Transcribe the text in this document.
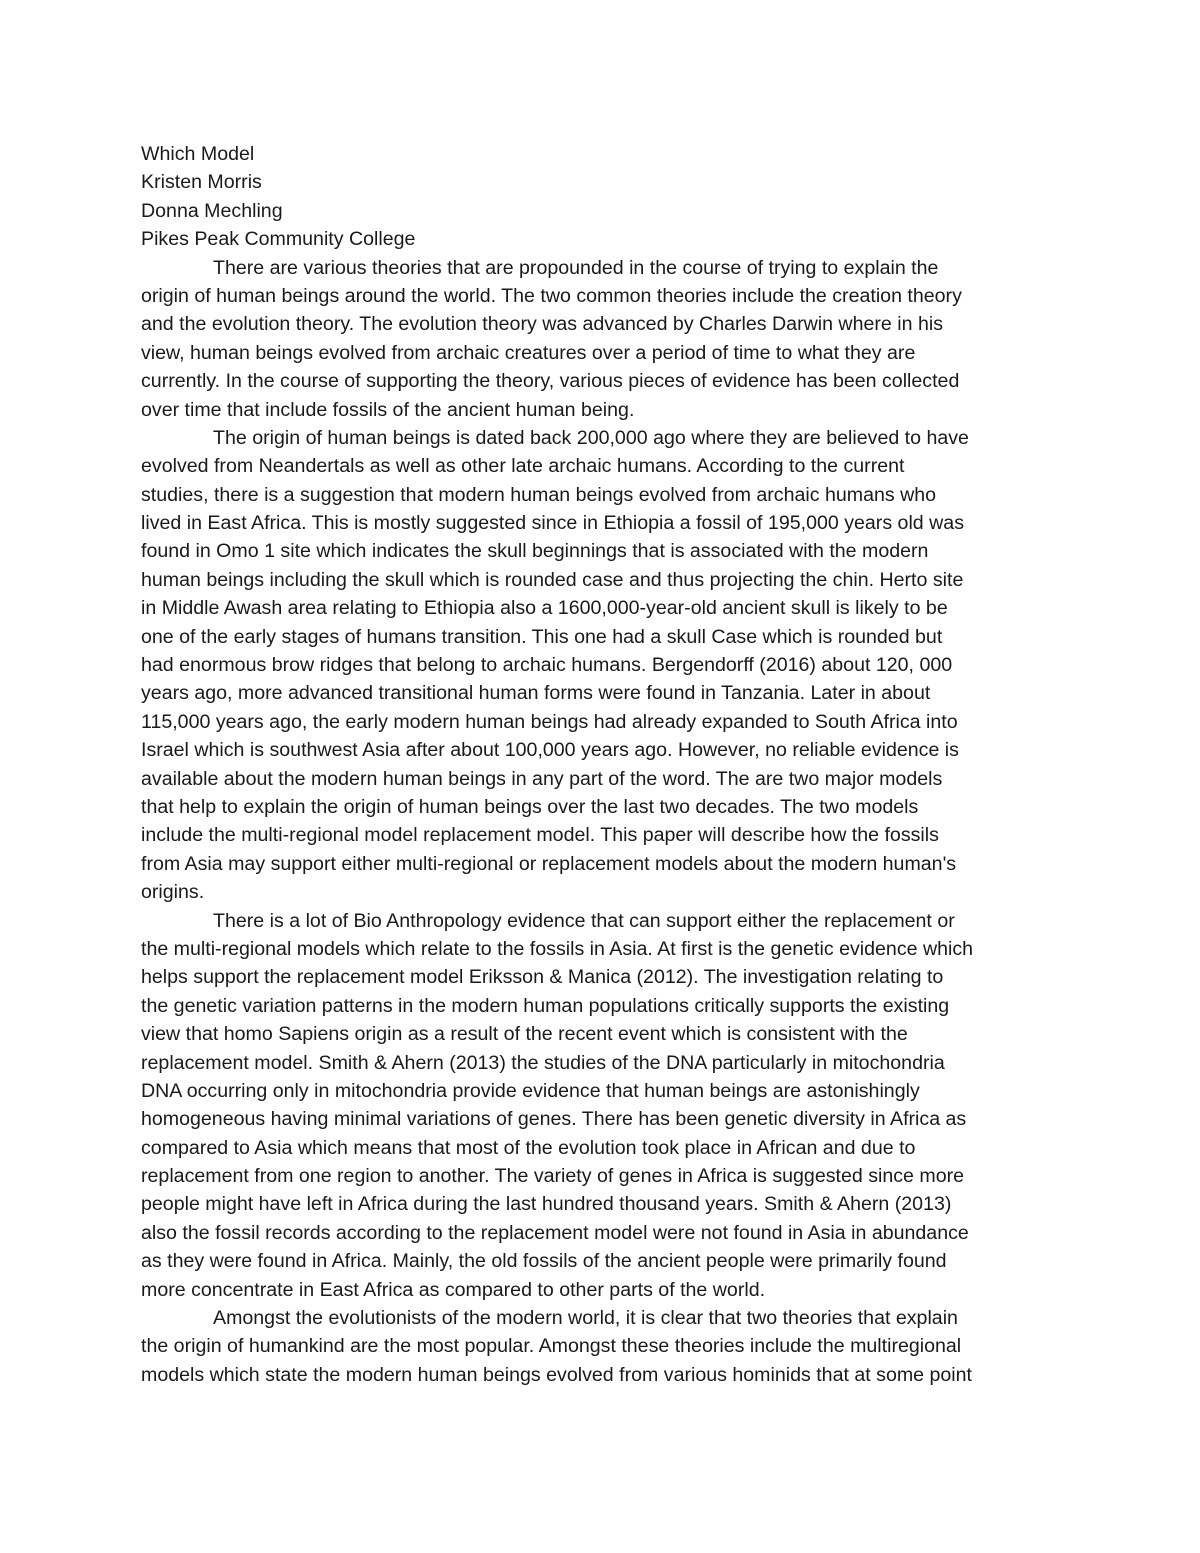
Which Model
Kristen Morris
Donna Mechling
Pikes Peak Community College
There are various theories that are propounded in the course of trying to explain the
origin of human beings around the world. The two common theories include the creation theory
and the evolution theory. The evolution theory was advanced by Charles Darwin where in his
view, human beings evolved from archaic creatures over a period of time to what they are
currently. In the course of supporting the theory, various pieces of evidence has been collected
over time that include fossils of the ancient human being.
The origin of human beings is dated back 200,000 ago where they are believed to have
evolved from Neandertals as well as other late archaic humans. According to the current
studies, there is a suggestion that modern human beings evolved from archaic humans who
lived in East Africa. This is mostly suggested since in Ethiopia a fossil of 195,000 years old was
found in Omo 1 site which indicates the skull beginnings that is associated with the modern
human beings including the skull which is rounded case and thus projecting the chin. Herto site
in Middle Awash area relating to Ethiopia also a 1600,000-year-old ancient skull is likely to be
one of the early stages of humans transition. This one had a skull Case which is rounded but
had enormous brow ridges that belong to archaic humans. Bergendorff (2016) about 120, 000
years ago, more advanced transitional human forms were found in Tanzania. Later in about
115,000 years ago, the early modern human beings had already expanded to South Africa into
Israel which is southwest Asia after about 100,000 years ago. However, no reliable evidence is
available about the modern human beings in any part of the word. The are two major models
that help to explain the origin of human beings over the last two decades. The two models
include the multi-regional model replacement model. This paper will describe how the fossils
from Asia may support either multi-regional or replacement models about the modern human's
origins.
There is a lot of Bio Anthropology evidence that can support either the replacement or
the multi-regional models which relate to the fossils in Asia. At first is the genetic evidence which
helps support the replacement model Eriksson & Manica (2012). The investigation relating to
the genetic variation patterns in the modern human populations critically supports the existing
view that homo Sapiens origin as a result of the recent event which is consistent with the
replacement model. Smith & Ahern (2013) the studies of the DNA particularly in mitochondria
DNA occurring only in mitochondria provide evidence that human beings are astonishingly
homogeneous having minimal variations of genes. There has been genetic diversity in Africa as
compared to Asia which means that most of the evolution took place in African and due to
replacement from one region to another. The variety of genes in Africa is suggested since more
people might have left in Africa during the last hundred thousand years. Smith & Ahern (2013)
also the fossil records according to the replacement model were not found in Asia in abundance
as they were found in Africa. Mainly, the old fossils of the ancient people were primarily found
more concentrate in East Africa as compared to other parts of the world.
Amongst the evolutionists of the modern world, it is clear that two theories that explain
the origin of humankind are the most popular. Amongst these theories include the multiregional
models which state the modern human beings evolved from various hominids that at some point
